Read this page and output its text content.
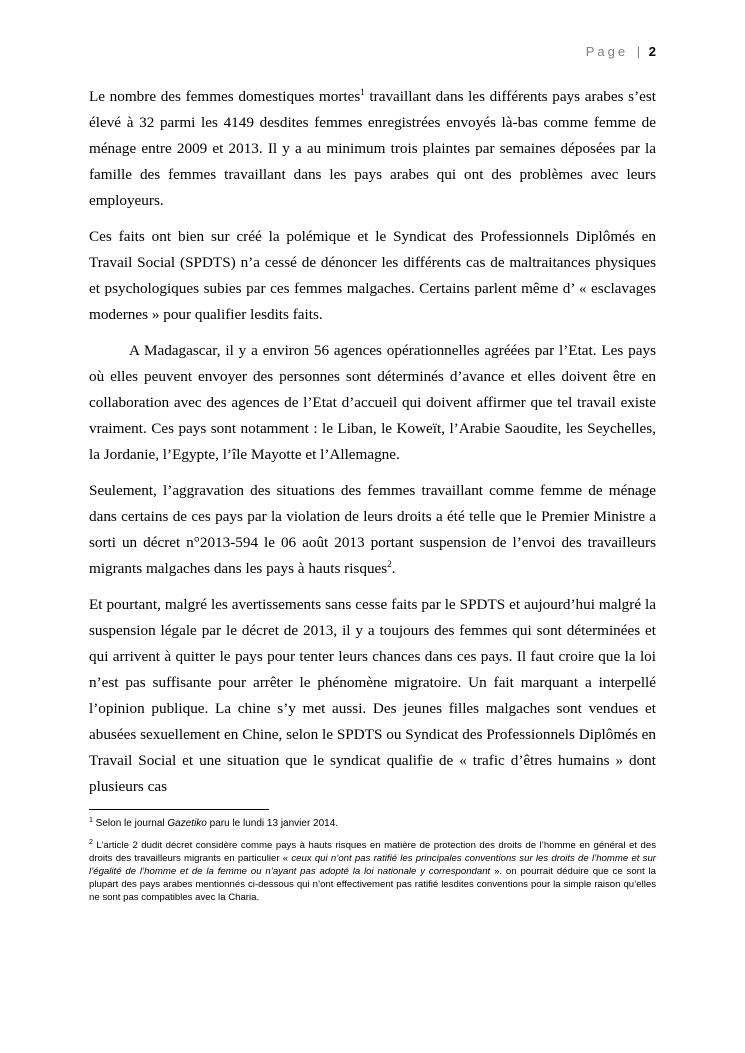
Page | 2

Le nombre des femmes domestiques mortes$^1$ travaillant dans les différents pays arabes s’est élevé à 32 parmi les 4149 desdites femmes enregistrées envoyés là-bas comme femme de ménage entre 2009 et 2013. Il y a au minimum trois plaintes par semaines déposées par la famille des femmes travaillant dans les pays arabes qui ont des problèmes avec leurs employeurs.

Ces faits ont bien sur créé la polémique et le Syndicat des Professionnels Diplômés en Travail Social (SPDTS) n’a cessé de dénoncer les différents cas de maltraitances physiques et psychologiques subies par ces femmes malgaches. Certains parlent même d’ « esclavages modernes » pour qualifier lesdits faits.

A Madagascar, il y a environ 56 agences opérationnelles agréées par l’Etat. Les pays où elles peuvent envoyer des personnes sont déterminés d’avance et elles doivent être en collaboration avec des agences de l’Etat d’accueil qui doivent affirmer que tel travail existe vraiment. Ces pays sont notamment : le Liban, le Koweït, l’Arabie Saoudite, les Seychelles, la Jordanie, l’Egypte, l’île Mayotte et l’Allemagne.

Seulement, l’aggravation des situations des femmes travaillant comme femme de ménage dans certains de ces pays par la violation de leurs droits a été telle que le Premier Ministre a sorti un décret n°2013-594 le 06 août 2013 portant suspension de l’envoi des travailleurs migrants malgaches dans les pays à hauts risques$^2$.

Et pourtant, malgré les avertissements sans cesse faits par le SPDTS et aujourd’hui malgré la suspension légale par le décret de 2013, il y a toujours des femmes qui sont déterminées et qui arrivent à quitter le pays pour tenter leurs chances dans ces pays. Il faut croire que la loi n’est pas suffisante pour arrêter le phénomène migratoire. Un fait marquant a interpellé l’opinion publique. La chine s’y met aussi. Des jeunes filles malgaches sont vendues et abusées sexuellement en Chine, selon le SPDTS ou Syndicat des Professionnels Diplômés en Travail Social et une situation que le syndicat qualifie de « trafic d’êtres humains » dont plusieurs cas

$^1$ Selon le journal Gazetiko paru le lundi 13 janvier 2014.

$^2$ L’article 2 dudit décret considère comme pays à hauts risques en matière de protection des droits de l’homme en général et des droits des travailleurs migrants en particulier « ceux qui n’ont pas ratifié les principales conventions sur les droits de l’homme et sur l’égalité de l’homme et de la femme ou n’ayant pas adopté la loi nationale y correspondant ». on pourrait déduire que ce sont la plupart des pays arabes mentionnés ci-dessous qui n’ont effectivement pas ratifié lesdites conventions pour la simple raison qu’elles ne sont pas compatibles avec la Charia.
